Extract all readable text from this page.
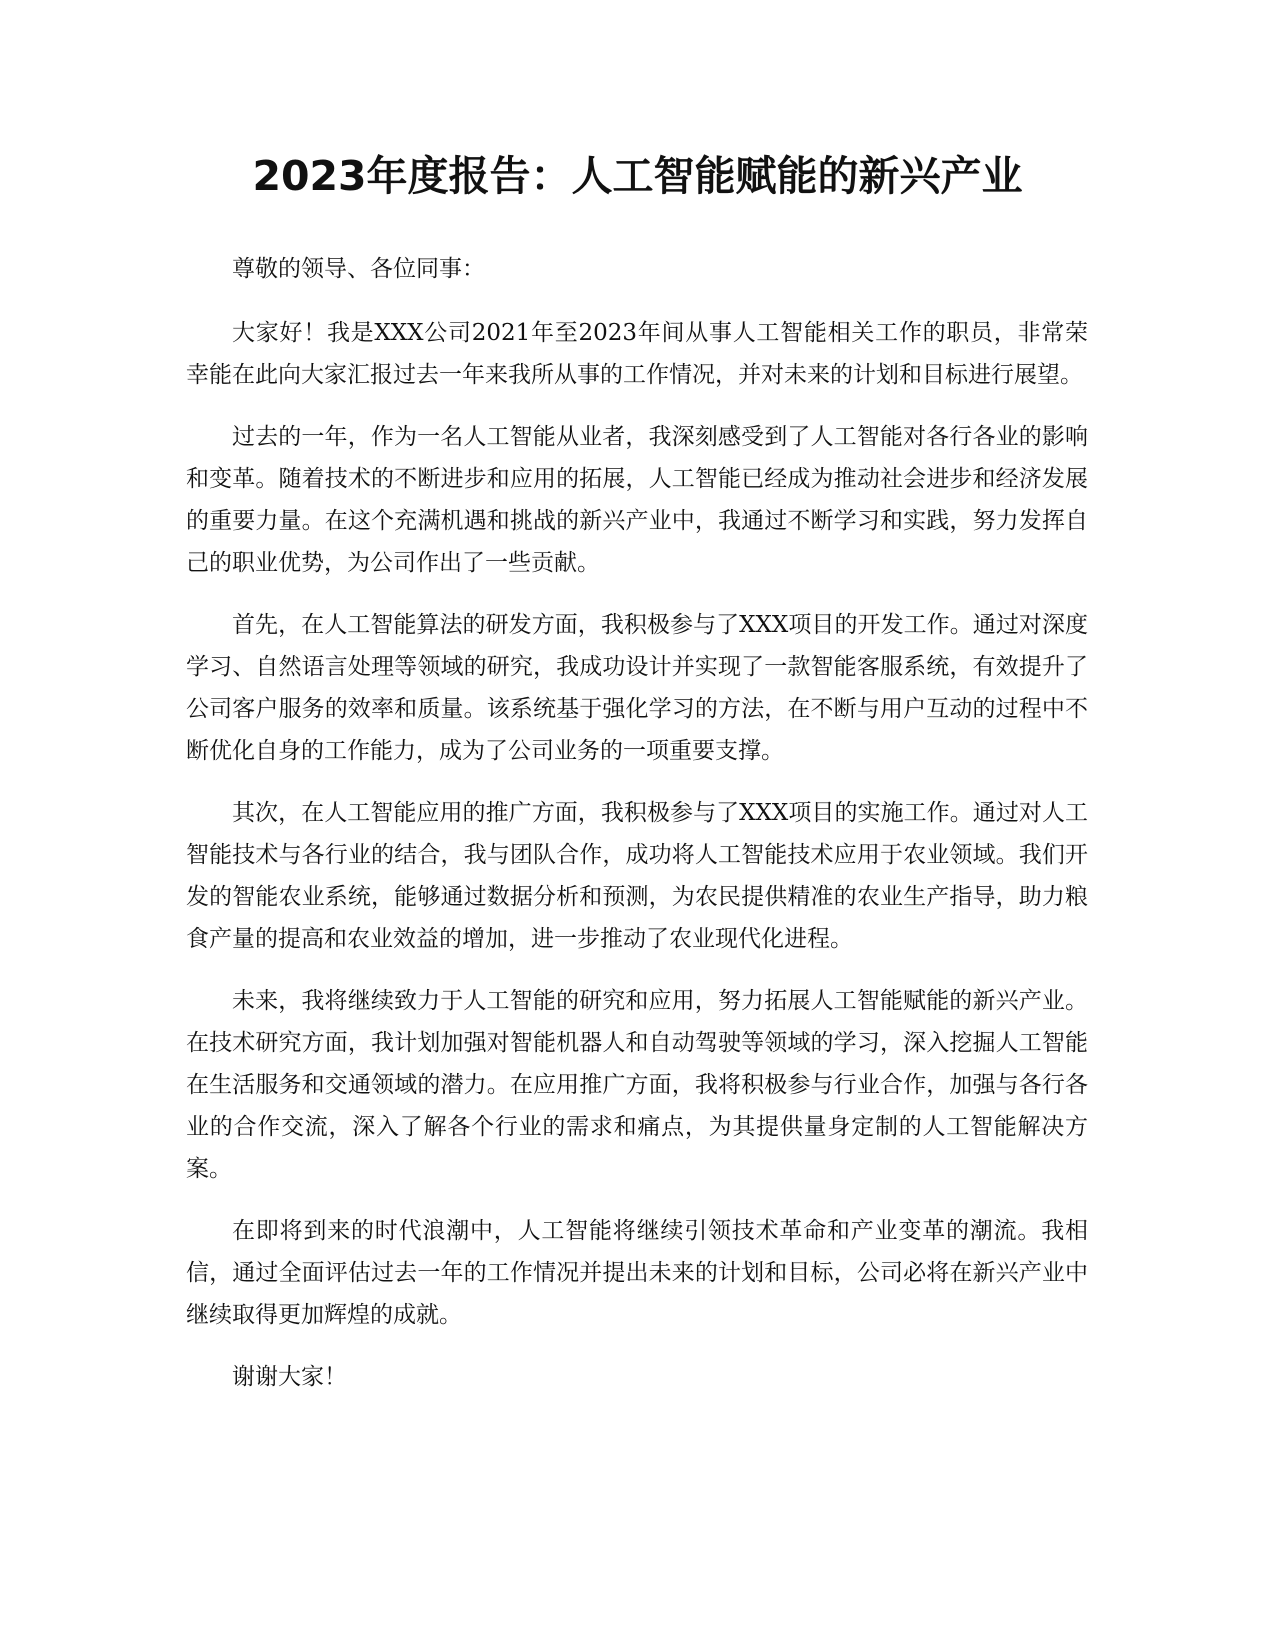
2023年度报告：人工智能赋能的新兴产业

尊敬的领导、各位同事：

大家好！我是XXX公司2021年至2023年间从事人工智能相关工作的职员，非常荣幸能在此向大家汇报过去一年来我所从事的工作情况，并对未来的计划和目标进行展望。

过去的一年，作为一名人工智能从业者，我深刻感受到了人工智能对各行各业的影响和变革。随着技术的不断进步和应用的拓展，人工智能已经成为推动社会进步和经济发展的重要力量。在这个充满机遇和挑战的新兴产业中，我通过不断学习和实践，努力发挥自己的职业优势，为公司作出了一些贡献。

首先，在人工智能算法的研发方面，我积极参与了XXX项目的开发工作。通过对深度学习、自然语言处理等领域的研究，我成功设计并实现了一款智能客服系统，有效提升了公司客户服务的效率和质量。该系统基于强化学习的方法，在不断与用户互动的过程中不断优化自身的工作能力，成为了公司业务的一项重要支撑。

其次，在人工智能应用的推广方面，我积极参与了XXX项目的实施工作。通过对人工智能技术与各行业的结合，我与团队合作，成功将人工智能技术应用于农业领域。我们开发的智能农业系统，能够通过数据分析和预测，为农民提供精准的农业生产指导，助力粮食产量的提高和农业效益的增加，进一步推动了农业现代化进程。

未来，我将继续致力于人工智能的研究和应用，努力拓展人工智能赋能的新兴产业。在技术研究方面，我计划加强对智能机器人和自动驾驶等领域的学习，深入挖掘人工智能在生活服务和交通领域的潜力。在应用推广方面，我将积极参与行业合作，加强与各行各业的合作交流，深入了解各个行业的需求和痛点，为其提供量身定制的人工智能解决方案。

在即将到来的时代浪潮中，人工智能将继续引领技术革命和产业变革的潮流。我相信，通过全面评估过去一年的工作情况并提出未来的计划和目标，公司必将在新兴产业中继续取得更加辉煌的成就。

谢谢大家！
